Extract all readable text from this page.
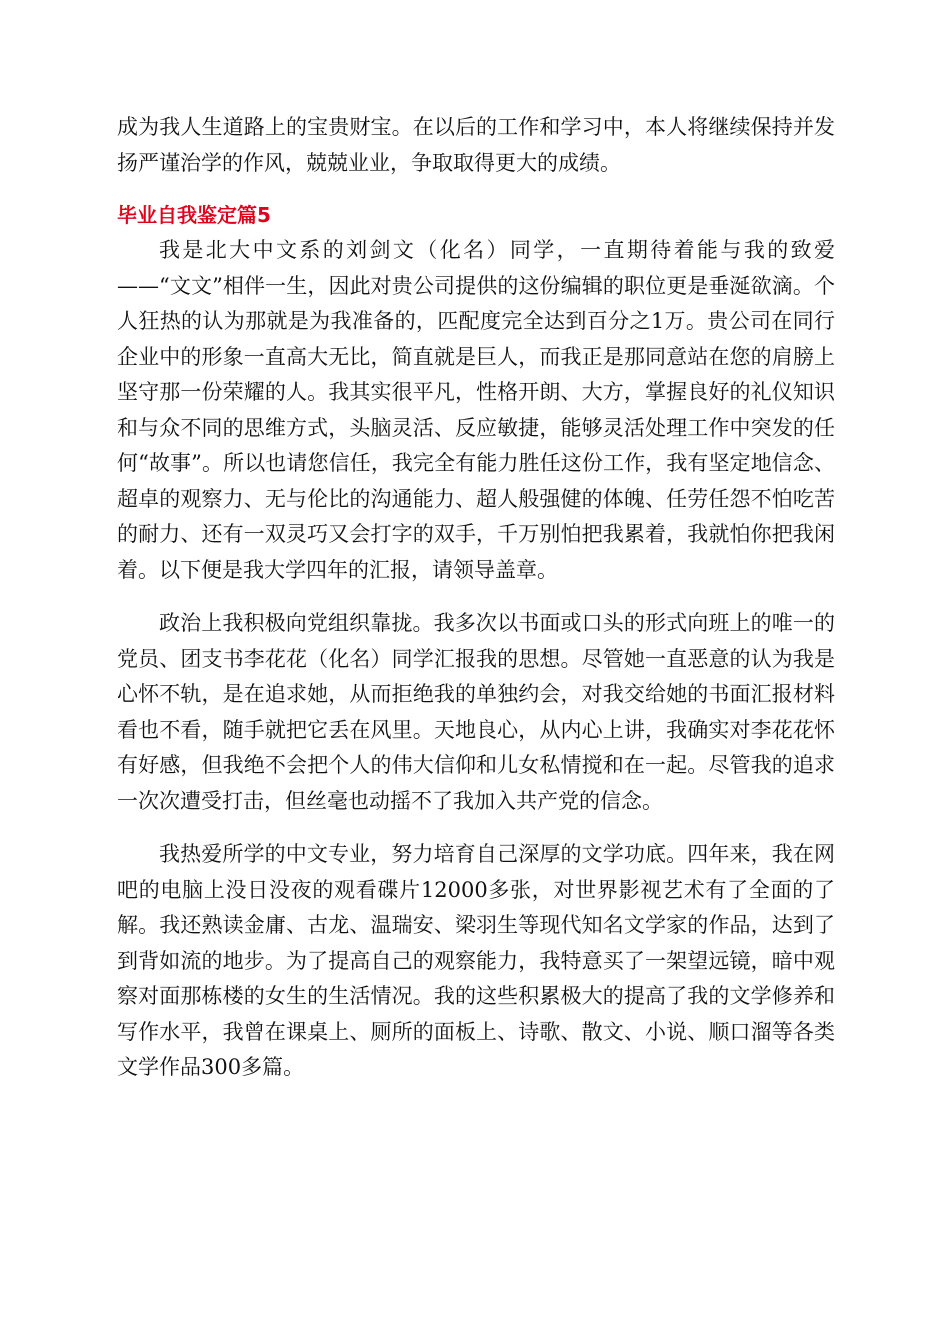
成为我人生道路上的宝贵财宝。在以后的工作和学习中，本人将继续保持并发扬严谨治学的作风，兢兢业业，争取取得更大的成绩。

毕业自我鉴定篇5

我是北大中文系的刘剑文（化名）同学，一直期待着能与我的致爱——“文文”相伴一生，因此对贵公司提供的这份编辑的职位更是垂涎欲滴。个人狂热的认为那就是为我准备的，匹配度完全达到百分之1万。贵公司在同行企业中的形象一直高大无比，简直就是巨人，而我正是那同意站在您的肩膀上坚守那一份荣耀的人。我其实很平凡，性格开朗、大方，掌握良好的礼仪知识和与众不同的思维方式，头脑灵活、反应敏捷，能够灵活处理工作中突发的任何“故事”。所以也请您信任，我完全有能力胜任这份工作，我有坚定地信念、超卓的观察力、无与伦比的沟通能力、超人般强健的体魄、任劳任怨不怕吃苦的耐力、还有一双灵巧又会打字的双手，千万别怕把我累着，我就怕你把我闲着。以下便是我大学四年的汇报，请领导盖章。

政治上我积极向党组织靠拢。我多次以书面或口头的形式向班上的唯一的党员、团支书李花花（化名）同学汇报我的思想。尽管她一直恶意的认为我是心怀不轨，是在追求她，从而拒绝我的单独约会，对我交给她的书面汇报材料看也不看，随手就把它丢在风里。天地良心，从内心上讲，我确实对李花花怀有好感，但我绝不会把个人的伟大信仰和儿女私情搅和在一起。尽管我的追求一次次遭受打击，但丝毫也动摇不了我加入共产党的信念。

我热爱所学的中文专业，努力培育自己深厚的文学功底。四年来，我在网吧的电脑上没日没夜的观看碟片12000多张，对世界影视艺术有了全面的了解。我还熟读金庸、古龙、温瑞安、梁羽生等现代知名文学家的作品，达到了到背如流的地步。为了提高自己的观察能力，我特意买了一架望远镜，暗中观察对面那栋楼的女生的生活情况。我的这些积累极大的提高了我的文学修养和写作水平，我曾在课桌上、厕所的面板上、诗歌、散文、小说、顺口溜等各类文学作品300多篇。
